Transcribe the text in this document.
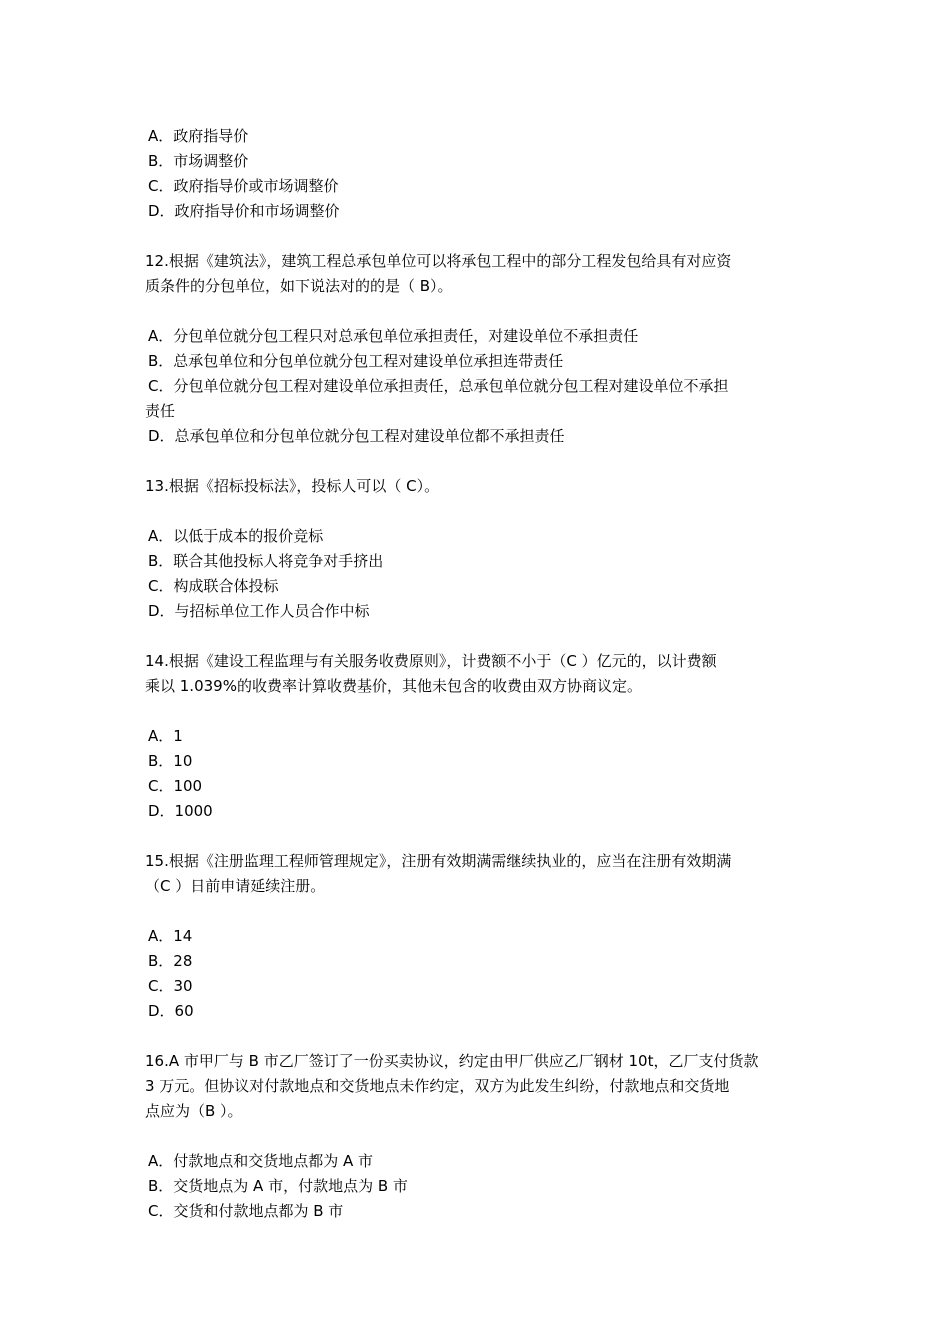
A．政府指导价
B．市场调整价
C．政府指导价或市场调整价
D．政府指导价和市场调整价
12.根据《建筑法》，建筑工程总承包单位可以将承包工程中的部分工程发包给具有对应资
质条件的分包单位，如下说法对的的是（ B）。
A．分包单位就分包工程只对总承包单位承担责任，对建设单位不承担责任
B．总承包单位和分包单位就分包工程对建设单位承担连带责任
C．分包单位就分包工程对建设单位承担责任，总承包单位就分包工程对建设单位不承担
责任
D．总承包单位和分包单位就分包工程对建设单位都不承担责任
13.根据《招标投标法》，投标人可以（ C）。
A．以低于成本的报价竞标
B．联合其他投标人将竞争对手挤出
C．构成联合体投标
D．与招标单位工作人员合作中标
14.根据《建设工程监理与有关服务收费原则》，计费额不小于（C ）亿元的，以计费额
乘以 1.039%的收费率计算收费基价，其他未包含的收费由双方协商议定。
A．1
B．10
C．100
D．1000
15.根据《注册监理工程师管理规定》，注册有效期满需继续执业的，应当在注册有效期满
（C ）日前申请延续注册。
A．14
B．28
C．30
D．60
16.A 市甲厂与 B 市乙厂签订了一份买卖协议，约定由甲厂供应乙厂钢材 10t，乙厂支付货款
3 万元。但协议对付款地点和交货地点未作约定，双方为此发生纠纷，付款地点和交货地
点应为（B ）。
A．付款地点和交货地点都为 A 市
B．交货地点为 A 市，付款地点为 B 市
C．交货和付款地点都为 B 市
